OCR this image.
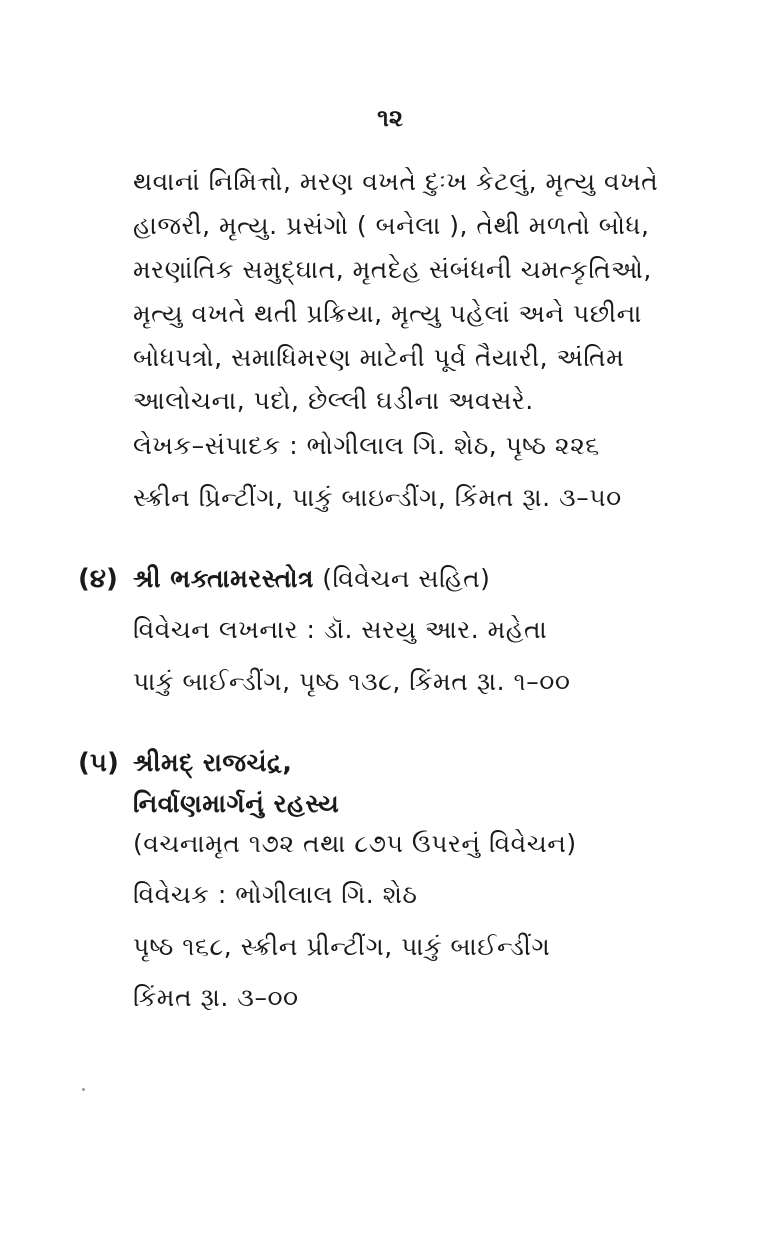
૧૨
થવાનાં નિમિત્તો, મરણ વખતે દુઃખ કેટલું, મૃત્યુ વખતે
હાજરી, મૃત્યુ. પ્રસંગો ( બનેલા ), તેથી મળતો બોધ,
મરણાંતિક સમુદ્‌ઘાત, મૃતદેહ સંબંધની ચમત્કૃતિઓ,
મૃત્યુ વખતે થતી પ્રક્રિયા, મૃત્યુ પહેલાં અને પછીના
બોધપત્રો, સમાધિમરણ માટેની પૂર્વ તૈયારી, અંતિમ
આલોચના, પદો, છેલ્લી ઘડીના અવસરે.
લેખક–સંપાદક : ભોગીલાલ ગિ. શેઠ, પૃષ્ઠ ૨૨૬
સ્ક્રીન પ્રિન્ટીંગ, પાકું બાઇન્ડીંગ, કિંમત રૂા. ૩–૫૦
(૪) શ્રી ભક્તામરસ્તોત્ર (વિવેચન સહિત)
વિવેચન લખનાર : ડૉ. સરયુ આર. મહેતા
પાકું બાઈન્ડીંગ, પૃષ્ઠ ૧૩૮, કિંમત રૂા. ૧–૦૦
(૫) શ્રીમદ્ રાજચંદ્ર,
નિર્વાણમાર્ગનું રહસ્ય
(વચનામૃત ૧૭૨ તથા ૮૭૫ ઉપરનું વિવેચન)
વિવેચક : ભોગીલાલ ગિ. શેઠ
પૃષ્ઠ ૧૬૮, સ્ક્રીન પ્રીન્ટીંગ, પાકું બાઈન્ડીંગ
કિંમત રૂા. ૩–૦૦
